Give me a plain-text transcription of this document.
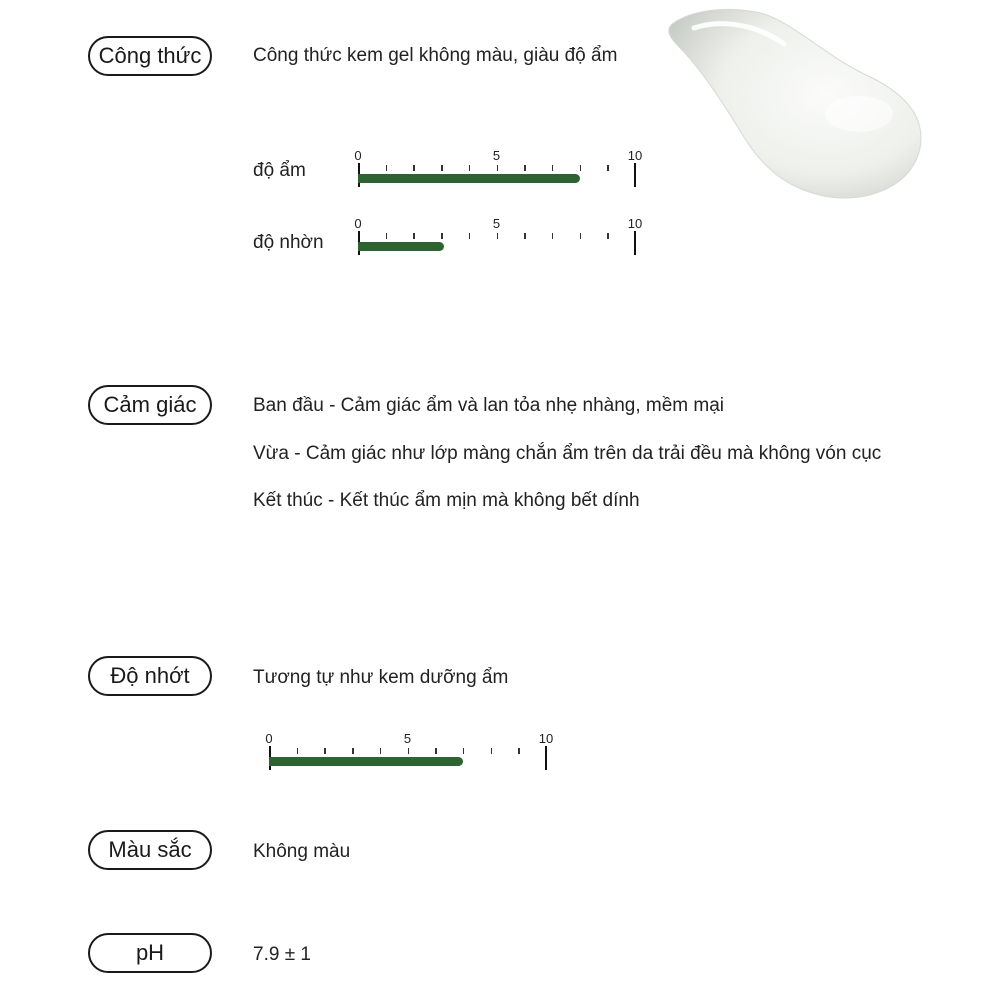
Công thức	Công thức kem gel không màu, giàu độ ẩm
độ ẩm
0	5	10
độ nhờn
0	5	10
Cảm giác	Ban đầu - Cảm giác ẩm và lan tỏa nhẹ nhàng, mềm mại
Vừa - Cảm giác như lớp màng chắn ẩm trên da trải đều mà không vón cục
Kết thúc - Kết thúc ẩm mịn mà không bết dính
Độ nhớt	Tương tự như kem dưỡng ẩm
0	5	10
Màu sắc	Không màu
pH	7.9 ± 1
